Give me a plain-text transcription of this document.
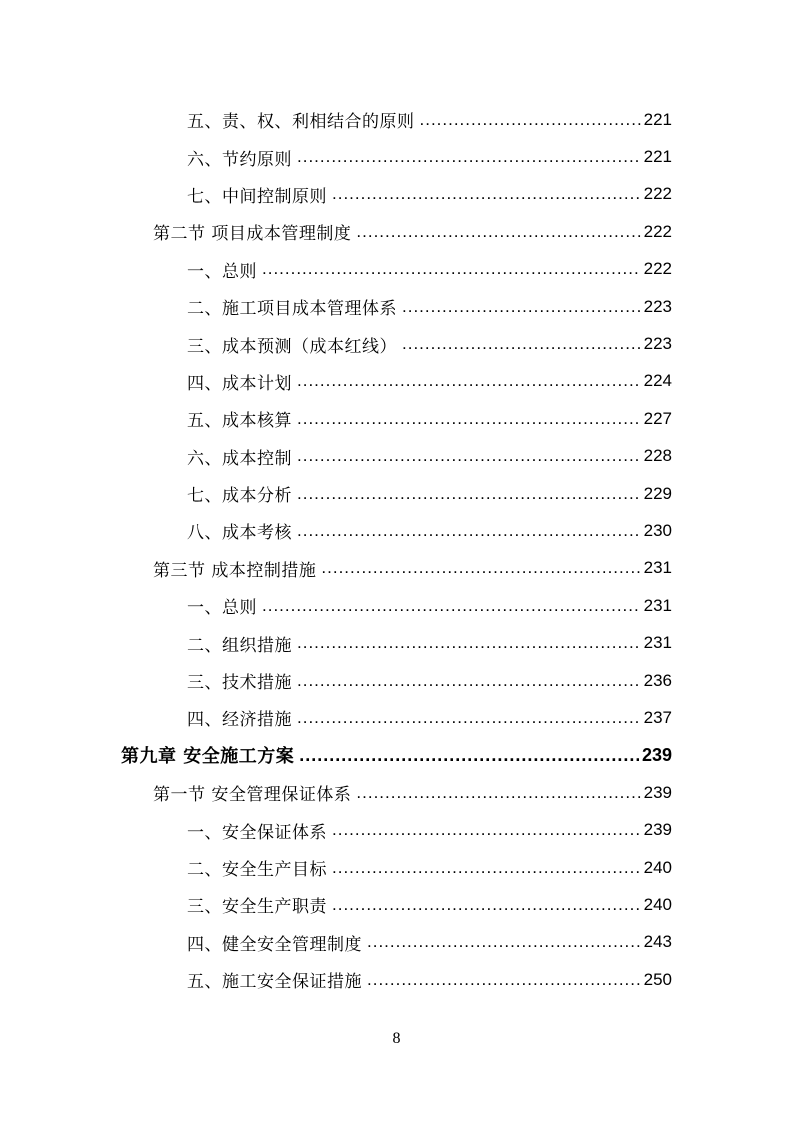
五、责、权、利相结合的原则 .....	221
六、节约原则 .....	221
七、中间控制原则 .....	222
第二节 项目成本管理制度 .....	222
一、总则 .....	222
二、施工项目成本管理体系 .....	223
三、成本预测（成本红线） .....	223
四、成本计划 .....	224
五、成本核算 .....	227
六、成本控制 .....	228
七、成本分析 .....	229
八、成本考核 .....	230
第三节 成本控制措施 .....	231
一、总则 .....	231
二、组织措施 .....	231
三、技术措施 .....	236
四、经济措施 .....	237
第九章 安全施工方案 .....	239
第一节 安全管理保证体系 .....	239
一、安全保证体系 .....	239
二、安全生产目标 .....	240
三、安全生产职责 .....	240
四、健全安全管理制度 .....	243
五、施工安全保证措施 .....	250
8
